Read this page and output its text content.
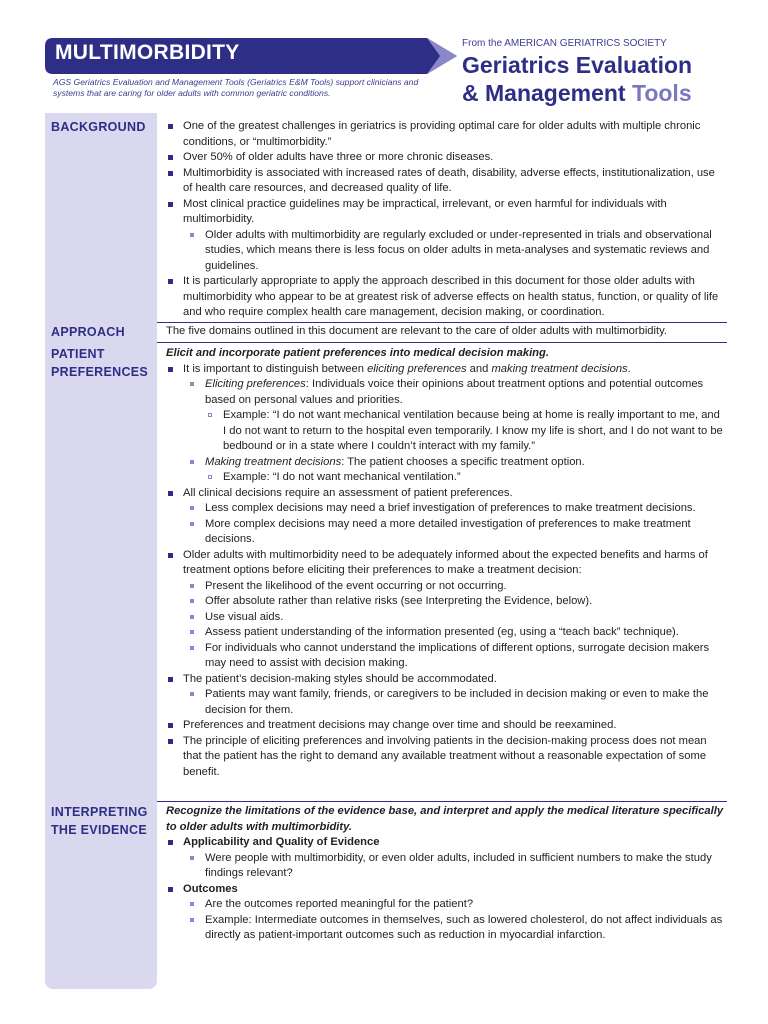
MULTIMORBIDITY
AGS Geriatrics Evaluation and Management Tools (Geriatrics E&M Tools) support clinicians and systems that are caring for older adults with common geriatric conditions.
From the AMERICAN GERIATRICS SOCIETY
Geriatrics Evaluation
& Management Tools
BACKGROUND	One of the greatest challenges in geriatrics is providing optimal care for older adults with multiple chronic conditions, or “multimorbidity.”
Over 50% of older adults have three or more chronic diseases.
Multimorbidity is associated with increased rates of death, disability, adverse effects, institutionalization, use of health care resources, and decreased quality of life.
Most clinical practice guidelines may be impractical, irrelevant, or even harmful for individuals with multimorbidity.
Older adults with multimorbidity are regularly excluded or under-represented in trials and observational studies, which means there is less focus on older adults in meta-analyses and systematic reviews and guidelines.
It is particularly appropriate to apply the approach described in this document for those older adults with multimorbidity who appear to be at greatest risk of adverse effects on health status, function, or quality of life and who require complex health care management, decision making, or coordination.
APPROACH	The five domains outlined in this document are relevant to the care of older adults with multimorbidity.
PATIENT
PREFERENCES
Elicit and incorporate patient preferences into medical decision making.
It is important to distinguish between eliciting preferences and making treatment decisions.
Eliciting preferences: Individuals voice their opinions about treatment options and potential outcomes based on personal values and priorities.
Example: “I do not want mechanical ventilation because being at home is really important to me, and I do not want to return to the hospital even temporarily. I know my life is short, and I do not want to be bedbound or in a state where I couldn’t interact with my family.”
Making treatment decisions: The patient chooses a specific treatment option.
Example: “I do not want mechanical ventilation.”
All clinical decisions require an assessment of patient preferences.
Less complex decisions may need a brief investigation of preferences to make treatment decisions.
More complex decisions may need a more detailed investigation of preferences to make treatment decisions.
Older adults with multimorbidity need to be adequately informed about the expected benefits and harms of treatment options before eliciting their preferences to make a treatment decision:
Present the likelihood of the event occurring or not occurring.
Offer absolute rather than relative risks (see Interpreting the Evidence, below).
Use visual aids.
Assess patient understanding of the information presented (eg, using a “teach back” technique).
For individuals who cannot understand the implications of different options, surrogate decision makers may need to assist with decision making.
The patient’s decision-making styles should be accommodated.
Patients may want family, friends, or caregivers to be included in decision making or even to make the decision for them.
Preferences and treatment decisions may change over time and should be reexamined.
The principle of eliciting preferences and involving patients in the decision-making process does not mean that the patient has the right to demand any available treatment without a reasonable expectation of some benefit.
INTERPRETING
THE EVIDENCE
Recognize the limitations of the evidence base, and interpret and apply the medical literature specifically to older adults with multimorbidity.
Applicability and Quality of Evidence
Were people with multimorbidity, or even older adults, included in sufficient numbers to make the study findings relevant?
Outcomes
Are the outcomes reported meaningful for the patient?
Example: Intermediate outcomes in themselves, such as lowered cholesterol, do not affect individuals as directly as patient-important outcomes such as reduction in myocardial infarction.
